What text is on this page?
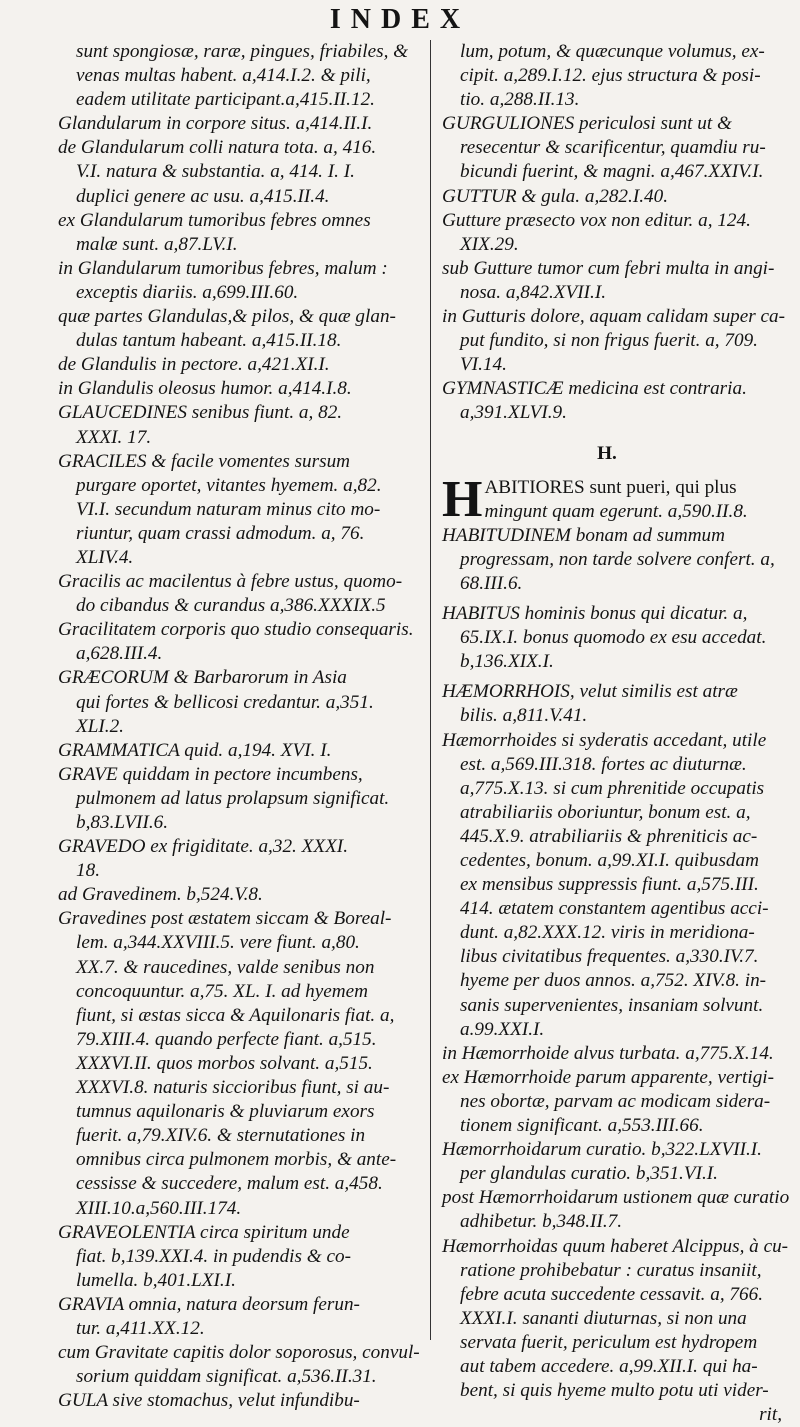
INDEX
sunt spongiosæ, raræ, pingues, friabiles, &
venas multas habent. a,414.I.2. & pili,
eadem utilitate participant.a,415.II.12.
Glandularum in corpore situs. a,414.II.I.
de Glandularum colli natura tota. a, 416.
V.I. natura & substantia. a, 414. I. I.
duplici genere ac usu. a,415.II.4.
ex Glandularum tumoribus febres omnes
malæ sunt. a,87.LV.I.
in Glandularum tumoribus febres, malum :
exceptis diariis. a,699.III.60.
quæ partes Glandulas,& pilos, & quæ glan-
dulas tantum habeant. a,415.II.18.
de Glandulis in pectore. a,421.XI.I.
in Glandulis oleosus humor. a,414.I.8.
GLAUCEDINES senibus fiunt. a, 82.
XXXI. 17.
GRACILES & facile vomentes sursum
purgare oportet, vitantes hyemem. a,82.
VI.I. secundum naturam minus cito mo-
riuntur, quam crassi admodum. a, 76.
XLIV.4.
Gracilis ac macilentus à febre ustus, quomo-
do cibandus & curandus a,386.XXXIX.5
Gracilitatem corporis quo studio consequaris.
a,628.III.4.
GRÆCORUM & Barbarorum in Asia
qui fortes & bellicosi credantur. a,351.
XLI.2.
GRAMMATICA quid. a,194. XVI. I.
GRAVE quiddam in pectore incumbens,
pulmonem ad latus prolapsum significat.
b,83.LVII.6.
GRAVEDO ex frigiditate. a,32. XXXI.
18.
ad Gravedinem. b,524.V.8.
Gravedines post æstatem siccam & Boreal-
lem. a,344.XXVIII.5. vere fiunt. a,80.
XX.7. & raucedines, valde senibus non
concoquuntur. a,75. XL. I. ad hyemem
fiunt, si æstas sicca & Aquilonaris fiat. a,
79.XIII.4. quando perfecte fiant. a,515.
XXXVI.II. quos morbos solvant. a,515.
XXXVI.8. naturis siccioribus fiunt, si au-
tumnus aquilonaris & pluviarum exors
fuerit. a,79.XIV.6. & sternutationes in
omnibus circa pulmonem morbis, & ante-
cessisse & succedere, malum est. a,458.
XIII.10.a,560.III.174.
GRAVEOLENTIA circa spiritum unde
fiat. b,139.XXI.4. in pudendis & co-
lumella. b,401.LXI.I.
GRAVIA omnia, natura deorsum ferun-
tur. a,411.XX.12.
cum Gravitate capitis dolor soporosus, convul-
sorium quiddam significat. a,536.II.31.
GULA sive stomachus, velut infundibu-
lum, potum, & quæcunque volumus, ex-
cipit. a,289.I.12. ejus structura & posi-
tio. a,288.II.13.
GURGULIONES periculosi sunt ut &
resecentur & scarificentur, quamdiu ru-
bicundi fuerint, & magni. a,467.XXIV.I.
GUTTUR & gula. a,282.I.40.
Gutture præsecto vox non editur. a, 124.
XIX.29.
sub Gutture tumor cum febri multa in angi-
nosa. a,842.XVII.I.
in Gutturis dolore, aquam calidam super ca-
put fundito, si non frigus fuerit. a, 709.
VI.14.
GYMNASTICÆ medicina est contraria.
a,391.XLVI.9.
H.
HABITIORES sunt pueri, qui plus
mingunt quam egerunt. a,590.II.8.
HABITUDINEM bonam ad summum
progressam, non tarde solvere confert. a,
68.III.6.
HABITUS hominis bonus qui dicatur. a,
65.IX.I. bonus quomodo ex esu accedat.
b,136.XIX.I.
HÆMORRHOIS, velut similis est atræ
bilis. a,811.V.41.
Hæmorrhoides si syderatis accedant, utile
est. a,569.III.318. fortes ac diuturnæ.
a,775.X.13. si cum phrenitide occupatis
atrabiliariis oboriuntur, bonum est. a,
445.X.9. atrabiliariis & phreniticis ac-
cedentes, bonum. a,99.XI.I. quibusdam
ex mensibus suppressis fiunt. a,575.III.
414. ætatem constantem agentibus acci-
dunt. a,82.XXX.12. viris in meridiona-
libus civitatibus frequentes. a,330.IV.7.
hyeme per duos annos. a,752. XIV.8. in-
sanis supervenientes, insaniam solvunt.
a.99.XXI.I.
in Hæmorrhoide alvus turbata. a,775.X.14.
ex Hæmorrhoide parum apparente, vertigi-
nes obortæ, parvam ac modicam sidera-
tionem significant. a,553.III.66.
Hæmorrhoidarum curatio. b,322.LXVII.I.
per glandulas curatio. b,351.VI.I.
post Hæmorrhoidarum ustionem quæ curatio
adhibetur. b,348.II.7.
Hæmorrhoidas quum haberet Alcippus, à cu-
ratione prohibebatur : curatus insaniit,
febre acuta succedente cessavit. a, 766.
XXXI.I. sananti diuturnas, si non una
servata fuerit, periculum est hydropem
aut tabem accedere. a,99.XII.I. qui ha-
bent, si quis hyeme multo potu uti vider-
rit,
